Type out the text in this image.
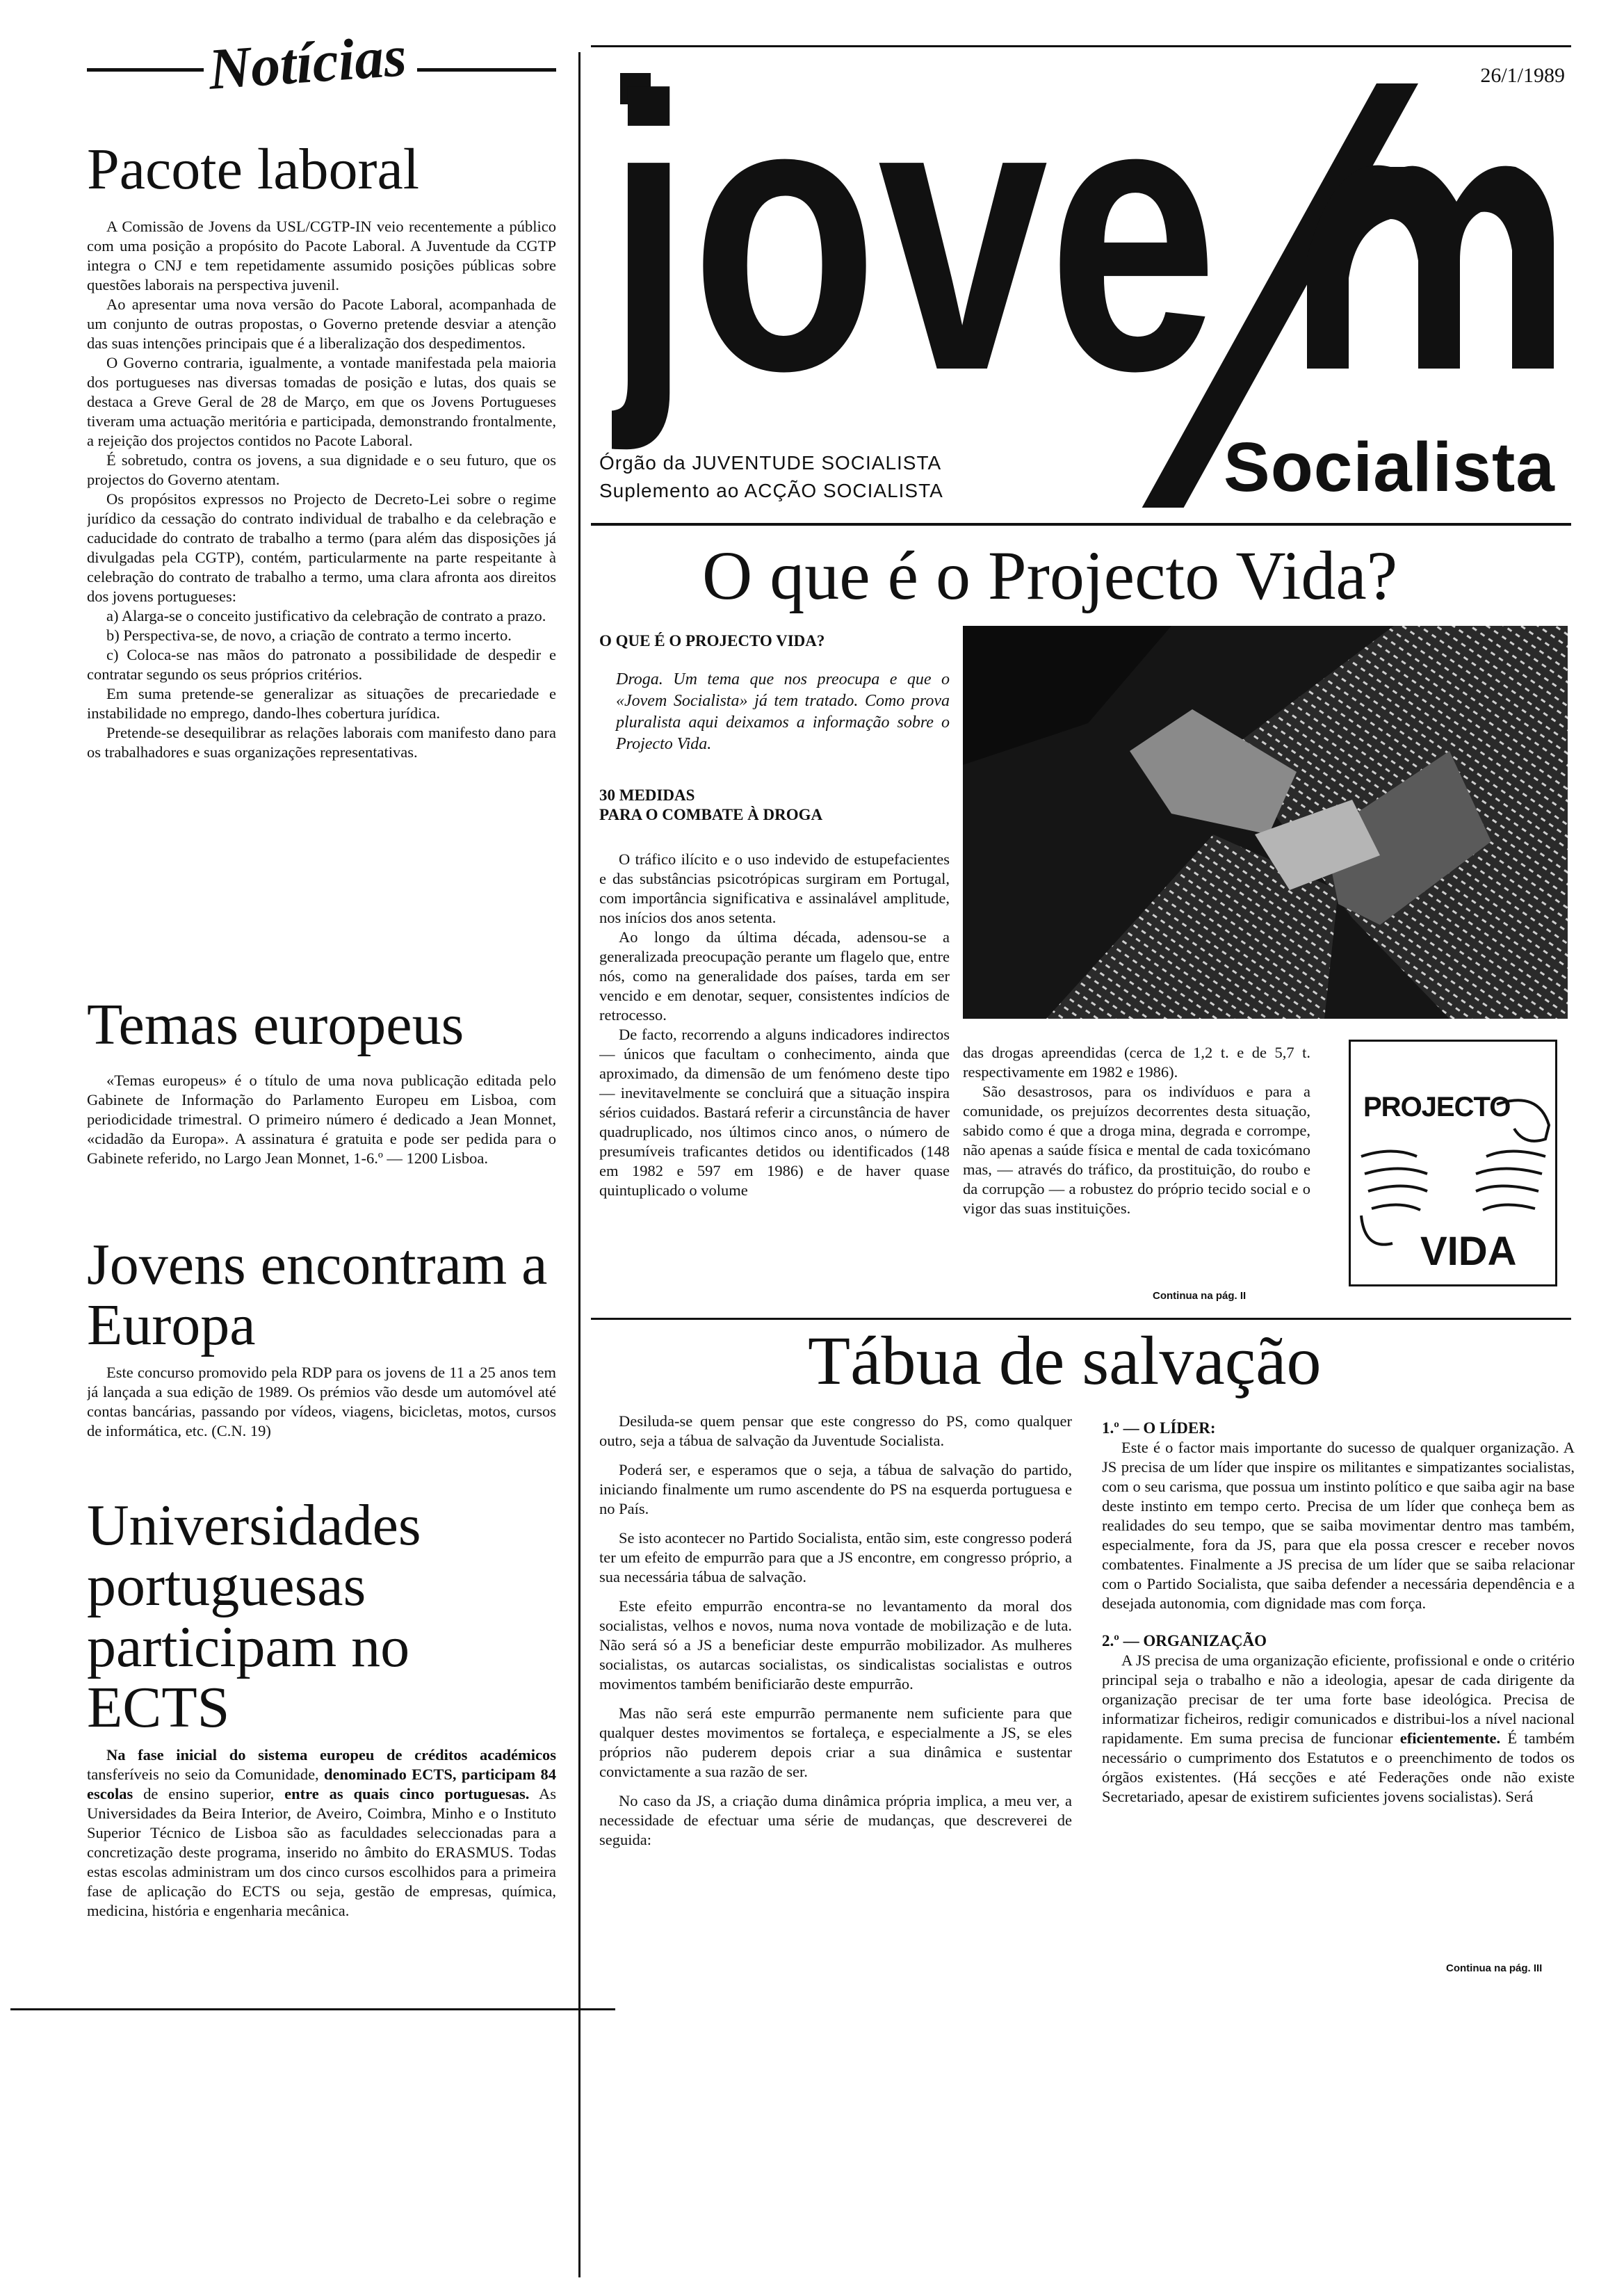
Notícias
Pacote laboral

A Comissão de Jovens da USL/CGTP-IN veio recentemente a público com uma posição a propósito do Pacote Laboral. A Juventude da CGTP integra o CNJ e tem repetidamente assumido posições públicas sobre questões laborais na perspectiva juvenil.

Ao apresentar uma nova versão do Pacote Laboral, acompanhada de um conjunto de outras propostas, o Governo pretende desviar a atenção das suas intenções principais que é a liberalização dos despedimentos.

O Governo contraria, igualmente, a vontade manifestada pela maioria dos portugueses nas diversas tomadas de posição e lutas, dos quais se destaca a Greve Geral de 28 de Março, em que os Jovens Portugueses tiveram uma actuação meritória e participada, demonstrando frontalmente, a rejeição dos projectos contidos no Pacote Laboral.

É sobretudo, contra os jovens, a sua dignidade e o seu futuro, que os projectos do Governo atentam.

Os propósitos expressos no Projecto de Decreto-Lei sobre o regime jurídico da cessação do contrato individual de trabalho e da celebração e caducidade do contrato de trabalho a termo (para além das disposições já divulgadas pela CGTP), contém, particularmente na parte respeitante à celebração do contrato de trabalho a termo, uma clara afronta aos direitos dos jovens portugueses:

a) Alarga-se o conceito justificativo da celebração de contrato a prazo.

b) Perspectiva-se, de novo, a criação de contrato a termo incerto.

c) Coloca-se nas mãos do patronato a possibilidade de despedir e contratar segundo os seus próprios critérios.

Em suma pretende-se generalizar as situações de precariedade e instabilidade no emprego, dando-lhes cobertura jurídica.

Pretende-se desequilibrar as relações laborais com manifesto dano para os trabalhadores e suas organizações representativas.

Temas europeus

«Temas europeus» é o título de uma nova publicação editada pelo Gabinete de Informação do Parlamento Europeu em Lisboa, com periodicidade trimestral. O primeiro número é dedicado a Jean Monnet, «cidadão da Europa». A assinatura é gratuita e pode ser pedida para o Gabinete referido, no Largo Jean Monnet, 1-6.º — 1200 Lisboa.

Jovens encontram a Europa

Este concurso promovido pela RDP para os jovens de 11 a 25 anos tem já lançada a sua edição de 1989. Os prémios vão desde um automóvel até contas bancárias, passando por vídeos, viagens, bicicletas, motos, cursos de informática, etc. (C.N. 19)

Universidades portuguesas participam no ECTS

Na fase inicial do sistema europeu de créditos académicos tansferíveis no seio da Comunidade, denominado ECTS, participam 84 escolas de ensino superior, entre as quais cinco portuguesas. As Universidades da Beira Interior, de Aveiro, Coimbra, Minho e o Instituto Superior Técnico de Lisboa são as faculdades seleccionadas para a concretização deste programa, inserido no âmbito do ERASMUS. Todas estas escolas administram um dos cinco cursos escolhidos para a primeira fase de aplicação do ECTS ou seja, gestão de empresas, química, medicina, história e engenharia mecânica.

26/1/1989
jove
Socialista
Órgão da JUVENTUDE SOCIALISTA
Suplemento ao ACÇÃO SOCIALISTA
O que é o Projecto Vida?
O QUE É O PROJECTO VIDA?
Droga. Um tema que nos preocupa e que o «Jovem Socialista» já tem tratado. Como prova pluralista aqui deixamos a informação sobre o Projecto Vida.
30 MEDIDAS
PARA O COMBATE À DROGA

O tráfico ilícito e o uso indevido de estupefacientes e das substâncias psicotrópicas surgiram em Portugal, com importância significativa e assinalável amplitude, nos inícios dos anos setenta.

Ao longo da última década, adensou-se a generalizada preocupação perante um flagelo que, entre nós, como na generalidade dos países, tarda em ser vencido e em denotar, sequer, consistentes indícios de retrocesso.

De facto, recorrendo a alguns indicadores indirectos — únicos que facultam o conhecimento, ainda que aproximado, da dimensão de um fenómeno deste tipo — inevitavelmente se concluirá que a situação inspira sérios cuidados. Bastará referir a circunstância de haver quadruplicado, nos últimos cinco anos, o número de presumíveis traficantes detidos ou identificados (148 em 1982 e 597 em 1986) e de haver quase quintuplicado o volume

das drogas apreendidas (cerca de 1,2 t. e de 5,7 t. respectivamente em 1982 e 1986).

São desastrosos, para os indivíduos e para a comunidade, os prejuízos decorrentes desta situação, sabido como é que a droga mina, degrada e corrompe, não apenas a saúde física e mental de cada toxicómano mas, — através do tráfico, da prostituição, do roubo e da corrupção — a robustez do próprio tecido social e o vigor das suas instituições.

Continua na pág. II
PROJECTO
VIDA
Tábua de salvação

Desiluda-se quem pensar que este congresso do PS, como qualquer outro, seja a tábua de salvação da Juventude Socialista.

Poderá ser, e esperamos que o seja, a tábua de salvação do partido, iniciando finalmente um rumo ascendente do PS na esquerda portuguesa e no País.

Se isto acontecer no Partido Socialista, então sim, este congresso poderá ter um efeito de empurrão para que a JS encontre, em congresso próprio, a sua necessária tábua de salvação.

Este efeito empurrão encontra-se no levantamento da moral dos socialistas, velhos e novos, numa nova vontade de mobilização e de luta. Não será só a JS a beneficiar deste empurrão mobilizador. As mulheres socialistas, os autarcas socialistas, os sindicalistas socialistas e outros movimentos também benificiarão deste empurrão.

Mas não será este empurrão permanente nem suficiente para que qualquer destes movimentos se fortaleça, e especialmente a JS, se eles próprios não puderem depois criar a sua dinâmica e sustentar convictamente a sua razão de ser.

No caso da JS, a criação duma dinâmica própria implica, a meu ver, a necessidade de efectuar uma série de mudanças, que descreverei de seguida:

1.º — O LÍDER:

Este é o factor mais importante do sucesso de qualquer organização. A JS precisa de um líder que inspire os militantes e simpatizantes socialistas, com o seu carisma, que possua um instinto político e que saiba agir na base deste instinto em tempo certo. Precisa de um líder que conheça bem as realidades do seu tempo, que se saiba movimentar dentro mas também, especialmente, fora da JS, para que ela possa crescer e receber novos combatentes. Finalmente a JS precisa de um líder que se saiba relacionar com o Partido Socialista, que saiba defender a necessária dependência e a desejada autonomia, com dignidade mas com força.

2.º — ORGANIZAÇÃO

A JS precisa de uma organização eficiente, profissional e onde o critério principal seja o trabalho e não a ideologia, apesar de cada dirigente da organização precisar de ter uma forte base ideológica. Precisa de informatizar ficheiros, redigir comunicados e distribui-los a nível nacional rapidamente. Em suma precisa de funcionar eficientemente. É também necessário o cumprimento dos Estatutos e o preenchimento de todos os órgãos existentes. (Há secções e até Federações onde não existe Secretariado, apesar de existirem suficientes jovens socialistas). Será

Continua na pág. III
